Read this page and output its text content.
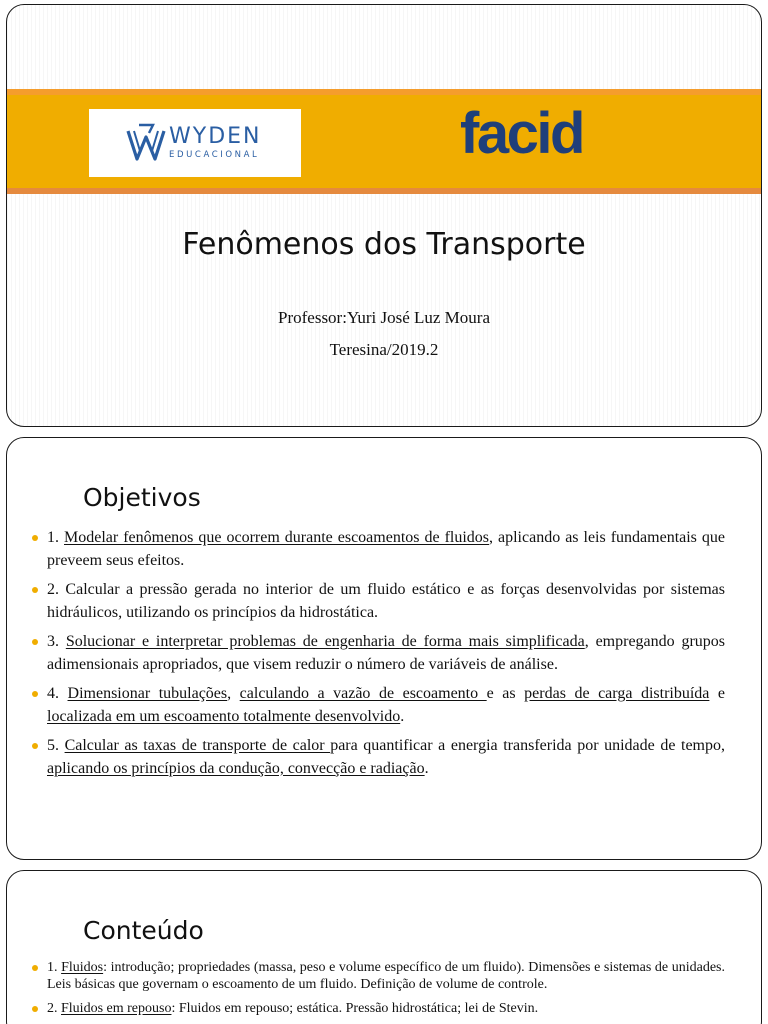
WYDEN
EDUCACIONAL	facid
Fenômenos dos Transporte
Professor:Yuri José Luz Moura
Teresina/2019.2
Objetivos
1. Modelar fenômenos que ocorrem durante escoamentos de fluidos, aplicando as leis fundamentais que preveem seus efeitos.
2. Calcular a pressão gerada no interior de um fluido estático e as forças desenvolvidas por sistemas hidráulicos, utilizando os princípios da hidrostática.
3. Solucionar e interpretar problemas de engenharia de forma mais simplificada, empregando grupos adimensionais apropriados, que visem reduzir o número de variáveis de análise.
4. Dimensionar tubulações, calculando a vazão de escoamento e as perdas de carga distribuída e localizada em um escoamento totalmente desenvolvido.
5. Calcular as taxas de transporte de calor para quantificar a energia transferida por unidade de tempo, aplicando os princípios da condução, convecção e radiação.
Conteúdo
1. Fluidos: introdução; propriedades (massa, peso e volume específico de um fluido). Dimensões e sistemas de unidades. Leis básicas que governam o escoamento de um fluido. Definição de volume de controle.
2. Fluidos em repouso: Fluidos em repouso; estática. Pressão hidrostática; lei de Stevin.
